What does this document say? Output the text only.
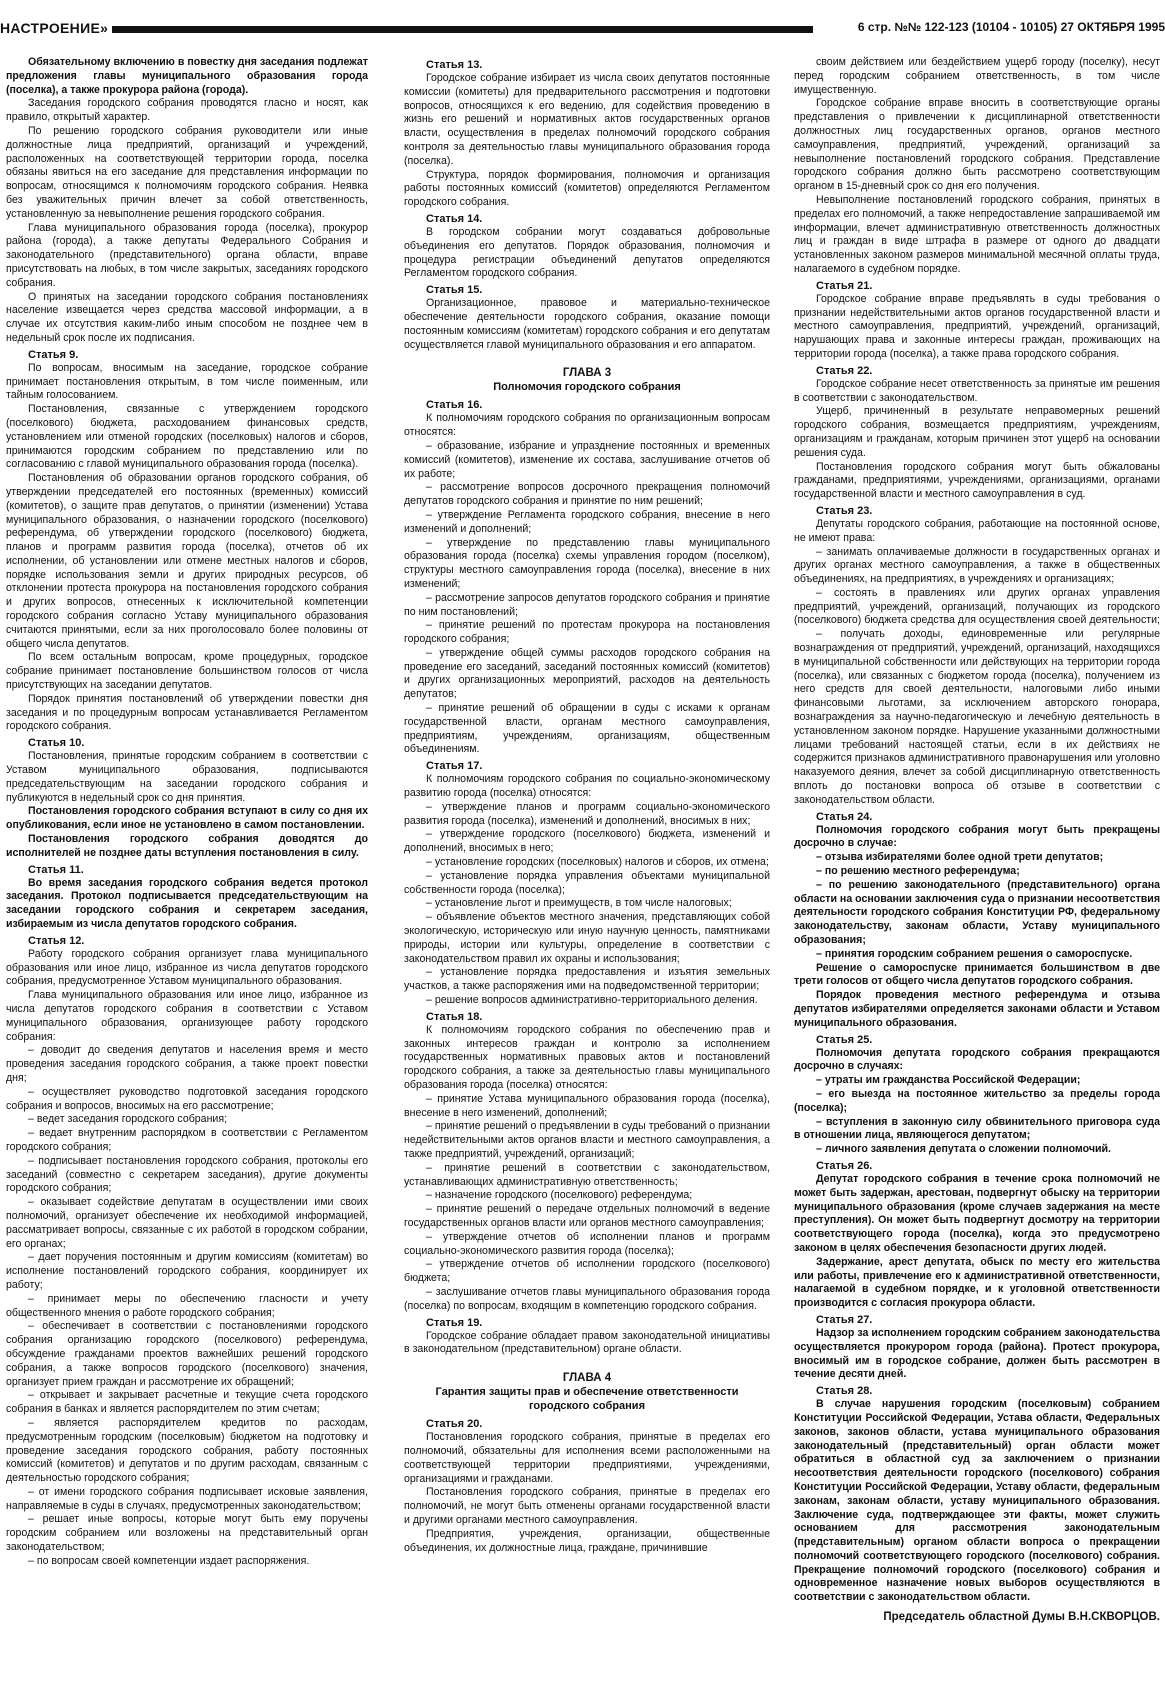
НАСТРОЕНИЕ»	6 стр. №№ 122-123 (10104 - 10105) 27 ОКТЯБРЯ 1995

Обязательному включению в повестку дня заседания подлежат предложения главы муниципального образования города (поселка), а также прокурора района (города).

Заседания городского собрания проводятся гласно и носят, как правило, открытый характер.

По решению городского собрания руководители или иные должностные лица предприятий, организаций и учреждений, расположенных на соответствующей территории города, поселка обязаны явиться на его заседание для представления информации по вопросам, относящимся к полномочиям городского собрания. Неявка без уважительных причин влечет за собой ответственность, установленную за невыполнение решения городского собрания.

Глава муниципального образования города (поселка), прокурор района (города), а также депутаты Федерального Собрания и законодательного (представительного) органа области, вправе присутствовать на любых, в том числе закрытых, заседаниях городского собрания.

О принятых на заседании городского собрания постановлениях население извещается через средства массовой информации, а в случае их отсутствия каким-либо иным способом не позднее чем в недельный срок после их подписания.

Статья 9.

По вопросам, вносимым на заседание, городское собрание принимает постановления открытым, в том числе поименным, или тайным голосованием.

Постановления, связанные с утверждением городского (поселкового) бюджета, расходованием финансовых средств, установлением или отменой городских (поселковых) налогов и сборов, принимаются городским собранием по представлению или по согласованию с главой муниципального образования города (поселка).

Постановления об образовании органов городского собрания, об утверждении председателей его постоянных (временных) комиссий (комитетов), о защите прав депутатов, о принятии (изменении) Устава муниципального образования, о назначении городского (поселкового) референдума, об утверждении городского (поселкового) бюджета, планов и программ развития города (поселка), отчетов об их исполнении, об установлении или отмене местных налогов и сборов, порядке использования земли и других природных ресурсов, об отклонении протеста прокурора на постановления городского собрания и других вопросов, отнесенных к исключительной компетенции городского собрания согласно Уставу муниципального образования считаются принятыми, если за них проголосовало более половины от общего числа депутатов.

По всем остальным вопросам, кроме процедурных, городское собрание принимает постановление большинством голосов от числа присутствующих на заседании депутатов.

Порядок принятия постановлений об утверждении повестки дня заседания и по процедурным вопросам устанавливается Регламентом городского собрания.

Статья 10.

Постановления, принятые городским собранием в соответствии с Уставом муниципального образования, подписываются председательствующим на заседании городского собрания и публикуются в недельный срок со дня принятия.

Постановления городского собрания вступают в силу со дня их опубликования, если иное не установлено в самом постановлении.

Постановления городского собрания доводятся до исполнителей не позднее даты вступления постановления в силу.

Статья 11.

Во время заседания городского собрания ведется протокол заседания. Протокол подписывается председательствующим на заседании городского собрания и секретарем заседания, избираемым из числа депутатов городского собрания.

Статья 12.

Работу городского собрания организует глава муниципального образования или иное лицо, избранное из числа депутатов городского собрания, предусмотренное Уставом муниципального образования.

Глава муниципального образования или иное лицо, избранное из числа депутатов городского собрания в соответствии с Уставом муниципального образования, организующее работу городского собрания:

– доводит до сведения депутатов и населения время и место проведения заседания городского собрания, а также проект повестки дня;

– осуществляет руководство подготовкой заседания городского собрания и вопросов, вносимых на его рассмотрение;

– ведет заседания городского собрания;

– ведает внутренним распорядком в соответствии с Регламентом городского собрания;

– подписывает постановления городского собрания, протоколы его заседаний (совместно с секретарем заседания), другие документы городского собрания;

– оказывает содействие депутатам в осуществлении ими своих полномочий, организует обеспечение их необходимой информацией, рассматривает вопросы, связанные с их работой в городском собрании, его органах;

– дает поручения постоянным и другим комиссиям (комитетам) во исполнение постановлений городского собрания, координирует их работу;

– принимает меры по обеспечению гласности и учету общественного мнения о работе городского собрания;

– обеспечивает в соответствии с постановлениями городского собрания организацию городского (поселкового) референдума, обсуждение гражданами проектов важнейших решений городского собрания, а также вопросов городского (поселкового) значения, организует прием граждан и рассмотрение их обращений;

– открывает и закрывает расчетные и текущие счета городского собрания в банках и является распорядителем по этим счетам;

– является распорядителем кредитов по расходам, предусмотренным городским (поселковым) бюджетом на подготовку и проведение заседания городского собрания, работу постоянных комиссий (комитетов) и депутатов и по другим расходам, связанным с деятельностью городского собрания;

– от имени городского собрания подписывает исковые заявления, направляемые в суды в случаях, предусмотренных законодательством;

– решает иные вопросы, которые могут быть ему поручены городским собранием или возложены на представительный орган законодательством;

– по вопросам своей компетенции издает распоряжения.

Статья 13.

Городское собрание избирает из числа своих депутатов постоянные комиссии (комитеты) для предварительного рассмотрения и подготовки вопросов, относящихся к его ведению, для содействия проведению в жизнь его решений и нормативных актов государственных органов власти, осуществления в пределах полномочий городского собрания контроля за деятельностью главы муниципального образования города (поселка).

Структура, порядок формирования, полномочия и организация работы постоянных комиссий (комитетов) определяются Регламентом городского собрания.

Статья 14.

В городском собрании могут создаваться добровольные объединения его депутатов. Порядок образования, полномочия и процедура регистрации объединений депутатов определяются Регламентом городского собрания.

Статья 15.

Организационное, правовое и материально-техническое обеспечение деятельности городского собрания, оказание помощи постоянным комиссиям (комитетам) городского собрания и его депутатам осуществляется главой муниципального образования и его аппаратом.

ГЛАВА 3
Полномочия городского собрания
Статья 16.

К полномочиям городского собрания по организационным вопросам относятся:

– образование, избрание и упразднение постоянных и временных комиссий (комитетов), изменение их состава, заслушивание отчетов об их работе;

– рассмотрение вопросов досрочного прекращения полномочий депутатов городского собрания и принятие по ним решений;

– утверждение Регламента городского собрания, внесение в него изменений и дополнений;

– утверждение по представлению главы муниципального образования города (поселка) схемы управления городом (поселком), структуры местного самоуправления города (поселка), внесение в них изменений;

– рассмотрение запросов депутатов городского собрания и принятие по ним постановлений;

– принятие решений по протестам прокурора на постановления городского собрания;

– утверждение общей суммы расходов городского собрания на проведение его заседаний, заседаний постоянных комиссий (комитетов) и других организационных мероприятий, расходов на деятельность депутатов;

– принятие решений об обращении в суды с исками к органам государственной власти, органам местного самоуправления, предприятиям, учреждениям, организациям, общественным объединениям.

Статья 17.

К полномочиям городского собрания по социально-экономическому развитию города (поселка) относятся:

– утверждение планов и программ социально-экономического развития города (поселка), изменений и дополнений, вносимых в них;

– утверждение городского (поселкового) бюджета, изменений и дополнений, вносимых в него;

– установление городских (поселковых) налогов и сборов, их отмена;

– установление порядка управления объектами муниципальной собственности города (поселка);

– установление льгот и преимуществ, в том числе налоговых;

– объявление объектов местного значения, представляющих собой экологическую, историческую или иную научную ценность, памятниками природы, истории или культуры, определение в соответствии с законодательством правил их охраны и использования;

– установление порядка предоставления и изъятия земельных участков, а также распоряжения ими на подведомственной территории;

– решение вопросов административно-территориального деления.

Статья 18.

К полномочиям городского собрания по обеспечению прав и законных интересов граждан и контролю за исполнением государственных нормативных правовых актов и постановлений городского собрания, а также за деятельностью главы муниципального образования города (поселка) относятся:

– принятие Устава муниципального образования города (поселка), внесение в него изменений, дополнений;

– принятие решений о предъявлении в суды требований о признании недействительными актов органов власти и местного самоуправления, а также предприятий, учреждений, организаций;

– принятие решений в соответствии с законодательством, устанавливающих административную ответственность;

– назначение городского (поселкового) референдума;

– принятие решений о передаче отдельных полномочий в ведение государственных органов власти или органов местного самоуправления;

– утверждение отчетов об исполнении планов и программ социально-экономического развития города (поселка);

– утверждение отчетов об исполнении городского (поселкового) бюджета;

– заслушивание отчетов главы муниципального образования города (поселка) по вопросам, входящим в компетенцию городского собрания.

Статья 19.

Городское собрание обладает правом законодательной инициативы в законодательном (представительном) органе области.

ГЛАВА 4
Гарантия защиты прав и обеспечение ответственности городского собрания
Статья 20.

Постановления городского собрания, принятые в пределах его полномочий, обязательны для исполнения всеми расположенными на соответствующей территории предприятиями, учреждениями, организациями и гражданами.

Постановления городского собрания, принятые в пределах его полномочий, не могут быть отменены органами государственной власти и другими органами местного самоуправления.

Предприятия, учреждения, организации, общественные объединения, их должностные лица, граждане, причинившие

своим действием или бездействием ущерб городу (поселку), несут перед городским собранием ответственность, в том числе имущественную.

Городское собрание вправе вносить в соответствующие органы представления о привлечении к дисциплинарной ответственности должностных лиц государственных органов, органов местного самоуправления, предприятий, учреждений, организаций за невыполнение постановлений городского собрания. Представление городского собрания должно быть рассмотрено соответствующим органом в 15-дневный срок со дня его получения.

Невыполнение постановлений городского собрания, принятых в пределах его полномочий, а также непредоставление запрашиваемой им информации, влечет административную ответственность должностных лиц и граждан в виде штрафа в размере от одного до двадцати установленных законом размеров минимальной месячной оплаты труда, налагаемого в судебном порядке.

Статья 21.

Городское собрание вправе предъявлять в суды требования о признании недействительными актов органов государственной власти и местного самоуправления, предприятий, учреждений, организаций, нарушающих права и законные интересы граждан, проживающих на территории города (поселка), а также права городского собрания.

Статья 22.

Городское собрание несет ответственность за принятые им решения в соответствии с законодательством.

Ущерб, причиненный в результате неправомерных решений городского собрания, возмещается предприятиям, учреждениям, организациям и гражданам, которым причинен этот ущерб на основании решения суда.

Постановления городского собрания могут быть обжалованы гражданами, предприятиями, учреждениями, организациями, органами государственной власти и местного самоуправления в суд.

Статья 23.

Депутаты городского собрания, работающие на постоянной основе, не имеют права:

– занимать оплачиваемые должности в государственных органах и других органах местного самоуправления, а также в общественных объединениях, на предприятиях, в учреждениях и организациях;

– состоять в правлениях или других органах управления предприятий, учреждений, организаций, получающих из городского (поселкового) бюджета средства для осуществления своей деятельности;

– получать доходы, единовременные или регулярные вознаграждения от предприятий, учреждений, организаций, находящихся в муниципальной собственности или действующих на территории города (поселка), или связанных с бюджетом города (поселка), получением из него средств для своей деятельности, налоговыми либо иными финансовыми льготами, за исключением авторского гонорара, вознаграждения за научно-педагогическую и лечебную деятельность в установленном законом порядке. Нарушение указанными должностными лицами требований настоящей статьи, если в их действиях не содержится признаков административного правонарушения или уголовно наказуемого деяния, влечет за собой дисциплинарную ответственность вплоть до постановки вопроса об отзыве в соответствии с законодательством области.

Статья 24.

Полномочия городского собрания могут быть прекращены досрочно в случае:

– отзыва избирателями более одной трети депутатов;

– по решению местного референдума;

– по решению законодательного (представительного) органа области на основании заключения суда о признании несоответствия деятельности городского собрания Конституции РФ, федеральному законодательству, законам области, Уставу муниципального образования;

– принятия городским собранием решения о самороспуске.

Решение о самороспуске принимается большинством в две трети голосов от общего числа депутатов городского собрания.

Порядок проведения местного референдума и отзыва депутатов избирателями определяется законами области и Уставом муниципального образования.

Статья 25.

Полномочия депутата городского собрания прекращаются досрочно в случаях:

– утраты им гражданства Российской Федерации;

– его выезда на постоянное жительство за пределы города (поселка);

– вступления в законную силу обвинительного приговора суда в отношении лица, являющегося депутатом;

– личного заявления депутата о сложении полномочий.

Статья 26.

Депутат городского собрания в течение срока полномочий не может быть задержан, арестован, подвергнут обыску на территории муниципального образования (кроме случаев задержания на месте преступления). Он может быть подвергнут досмотру на территории соответствующего города (поселка), когда это предусмотрено законом в целях обеспечения безопасности других людей.

Задержание, арест депутата, обыск по месту его жительства или работы, привлечение его к административной ответственности, налагаемой в судебном порядке, и к уголовной ответственности производится с согласия прокурора области.

Статья 27.

Надзор за исполнением городским собранием законодательства осуществляется прокурором города (района). Протест прокурора, вносимый им в городское собрание, должен быть рассмотрен в течение десяти дней.

Статья 28.

В случае нарушения городским (поселковым) собранием Конституции Российской Федерации, Устава области, Федеральных законов, законов области, устава муниципального образования законодательный (представительный) орган области может обратиться в областной суд за заключением о признании несоответствия деятельности городского (поселкового) собрания Конституции Российской Федерации, Уставу области, федеральным законам, законам области, уставу муниципального образования. Заключение суда, подтверждающее эти факты, может служить основанием для рассмотрения законодательным (представительным) органом области вопроса о прекращении полномочий соответствующего городского (поселкового) собрания. Прекращение полномочий городского (поселкового) собрания и одновременное назначение новых выборов осуществляются в соответствии с законодательством области.

Председатель областной Думы В.Н.СКВОРЦОВ.
